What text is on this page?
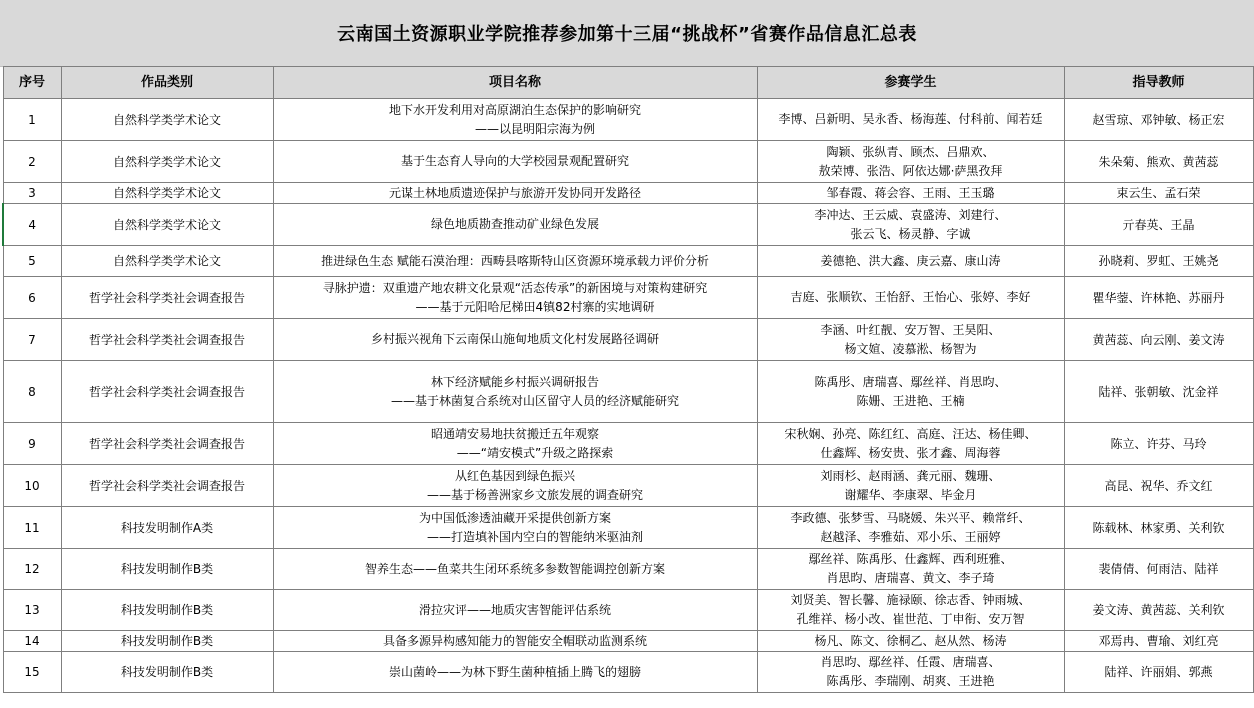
云南国土资源职业学院推荐参加第十三届“挑战杯”省赛作品信息汇总表
序号	作品类别	项目名称	参赛学生	指导教师
1	自然科学类学术论文	地下水开发利用对高原湖泊生态保护的影响研究
——以昆明阳宗海为例	李博、吕新明、吴永香、杨海莲、付科前、闻若廷	赵雪琼、邓钟敏、杨正宏
2	自然科学类学术论文	基于生态育人导向的大学校园景观配置研究	陶颖、张纵青、顾杰、吕鼎欢、
敖荣博、张浩、阿依达娜·萨黑孜拜	朱朵菊、熊欢、黄茜蕊
3	自然科学类学术论文	元谋土林地质遗迹保护与旅游开发协同开发路径	邹春霞、蒋会容、王雨、王玉璐	束云生、孟石荣
4	自然科学类学术论文	绿色地质勘查推动矿业绿色发展	李冲达、王云威、袁盛涛、刘建行、
张云飞、杨灵静、字诚	亓春英、王晶
5	自然科学类学术论文	推进绿色生态 赋能石漠治理：西畴县喀斯特山区资源环境承载力评价分析	姜德艳、洪大鑫、庚云嘉、康山涛	孙晓莉、罗虹、王姚尧
6	哲学社会科学类社会调查报告	寻脉护遗：双重遗产地农耕文化景观“活态传承”的新困境与对策构建研究
——基于元阳哈尼梯田4镇82村寨的实地调研	吉庭、张顺钦、王怡舒、王怡心、张婷、李好	瞿华蓥、许林艳、苏丽丹
7	哲学社会科学类社会调查报告	乡村振兴视角下云南保山施甸地质文化村发展路径调研	李涵、叶红靓、安万智、王昊阳、
杨文媗、凌慕淞、杨智为	黄茜蕊、向云刚、姜文涛
8	哲学社会科学类社会调查报告	林下经济赋能乡村振兴调研报告
——基于林菌复合系统对山区留守人员的经济赋能研究	陈禹彤、唐瑞喜、鄢丝祥、肖思昀、
陈姗、王进艳、王楠	陆祥、张朝敏、沈金祥
9	哲学社会科学类社会调查报告	昭通靖安易地扶贫搬迁五年观察
——“靖安模式”升级之路探索	宋秋娴、孙亮、陈红红、高庭、汪达、杨佳卿、
仕鑫辉、杨安贵、张才鑫、周海蓉	陈立、许芬、马玲
10	哲学社会科学类社会调查报告	从红色基因到绿色振兴
——基于杨善洲家乡文旅发展的调查研究	刘雨杉、赵雨涵、龚元丽、魏珊、
谢耀华、李康翠、毕金月	高昆、祝华、乔文红
11	科技发明制作A类	为中国低渗透油藏开采提供创新方案
——打造填补国内空白的智能纳米驱油剂	李政德、张梦雪、马晓媛、朱兴平、赖常纤、
赵越泽、李雅茹、邓小乐、王丽婷	陈载林、林家勇、关利钦
12	科技发明制作B类	智养生态——鱼菜共生闭环系统多参数智能调控创新方案	鄢丝祥、陈禹彤、仕鑫辉、西利班雅、
肖思昀、唐瑞喜、黄文、李子琦	裴倩倩、何雨洁、陆祥
13	科技发明制作B类	滑拉灾评——地质灾害智能评估系统	刘贤美、智长馨、施禄颐、徐志香、钟雨城、
孔维祥、杨小改、崔世范、丁申衔、安万智	姜文涛、黄茜蕊、关利钦
14	科技发明制作B类	具备多源异构感知能力的智能安全帽联动监测系统	杨凡、陈文、徐桐乙、赵从然、杨涛	邓焉冉、曹瑜、刘红亮
15	科技发明制作B类	崇山菌岭——为林下野生菌种植插上腾飞的翅膀	肖思昀、鄢丝祥、任霞、唐瑞喜、
陈禹彤、李瑞刚、胡爽、王进艳	陆祥、许丽娟、郭燕
